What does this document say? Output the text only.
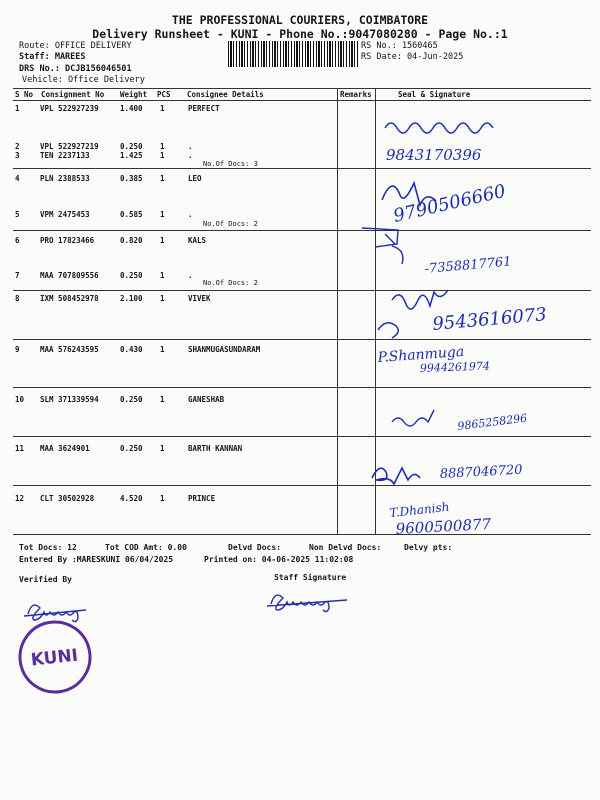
THE PROFESSIONAL COURIERS, COIMBATORE
Delivery Runsheet - KUNI - Phone No.:9047080280 - Page No.:1
Route: OFFICE DELIVERY
Staff: MAREES
DRS No.: DCJB156046501
Vehicle: Office Delivery
RS No.: 1560465
RS Date: 04-Jun-2025
S No Consignment No Weight PCS Consignee Details	Remarks	Seal & Signature
1	VPL 522927239	1.400 1	PERFECT
2	VPL 522927219	0.250 1	.
3	TEN 2237133	1.425 1	.
No.Of Docs: 3
4	PLN 2388533	0.385 1	LEO
5	VPM 2475453	0.585 1	.
No.Of Docs: 2
6	PRO 17823466	0.820 1	KALS
7	MAA 707809556	0.250 1	.
No.Of Docs: 2
8	IXM 508452978	2.100 1	VIVEK
9	MAA 576243595	0.430 1	SHANMUGASUNDARAM
10 SLM 371339594	0.250 1	GANESHAB
11 MAA 3624901	0.250 1	BARTH KANNAN
12 CLT 30502928	4.520 1	PRINCE
9843170396
9790506660
-7358817761
9543616073
P.Shanmuga
9944261974
9865258296
8887046720
T.Dhanish
9600500877
Tot Docs: 12	Tot COD Amt: 0.00	Delvd Docs:	Non Delvd Docs:	Delvy pts:
Entered By :MARESKUNI 06/04/2025	Printed on: 04-06-2025 11:02:08
Verified By	Staff Signature
KUNI
